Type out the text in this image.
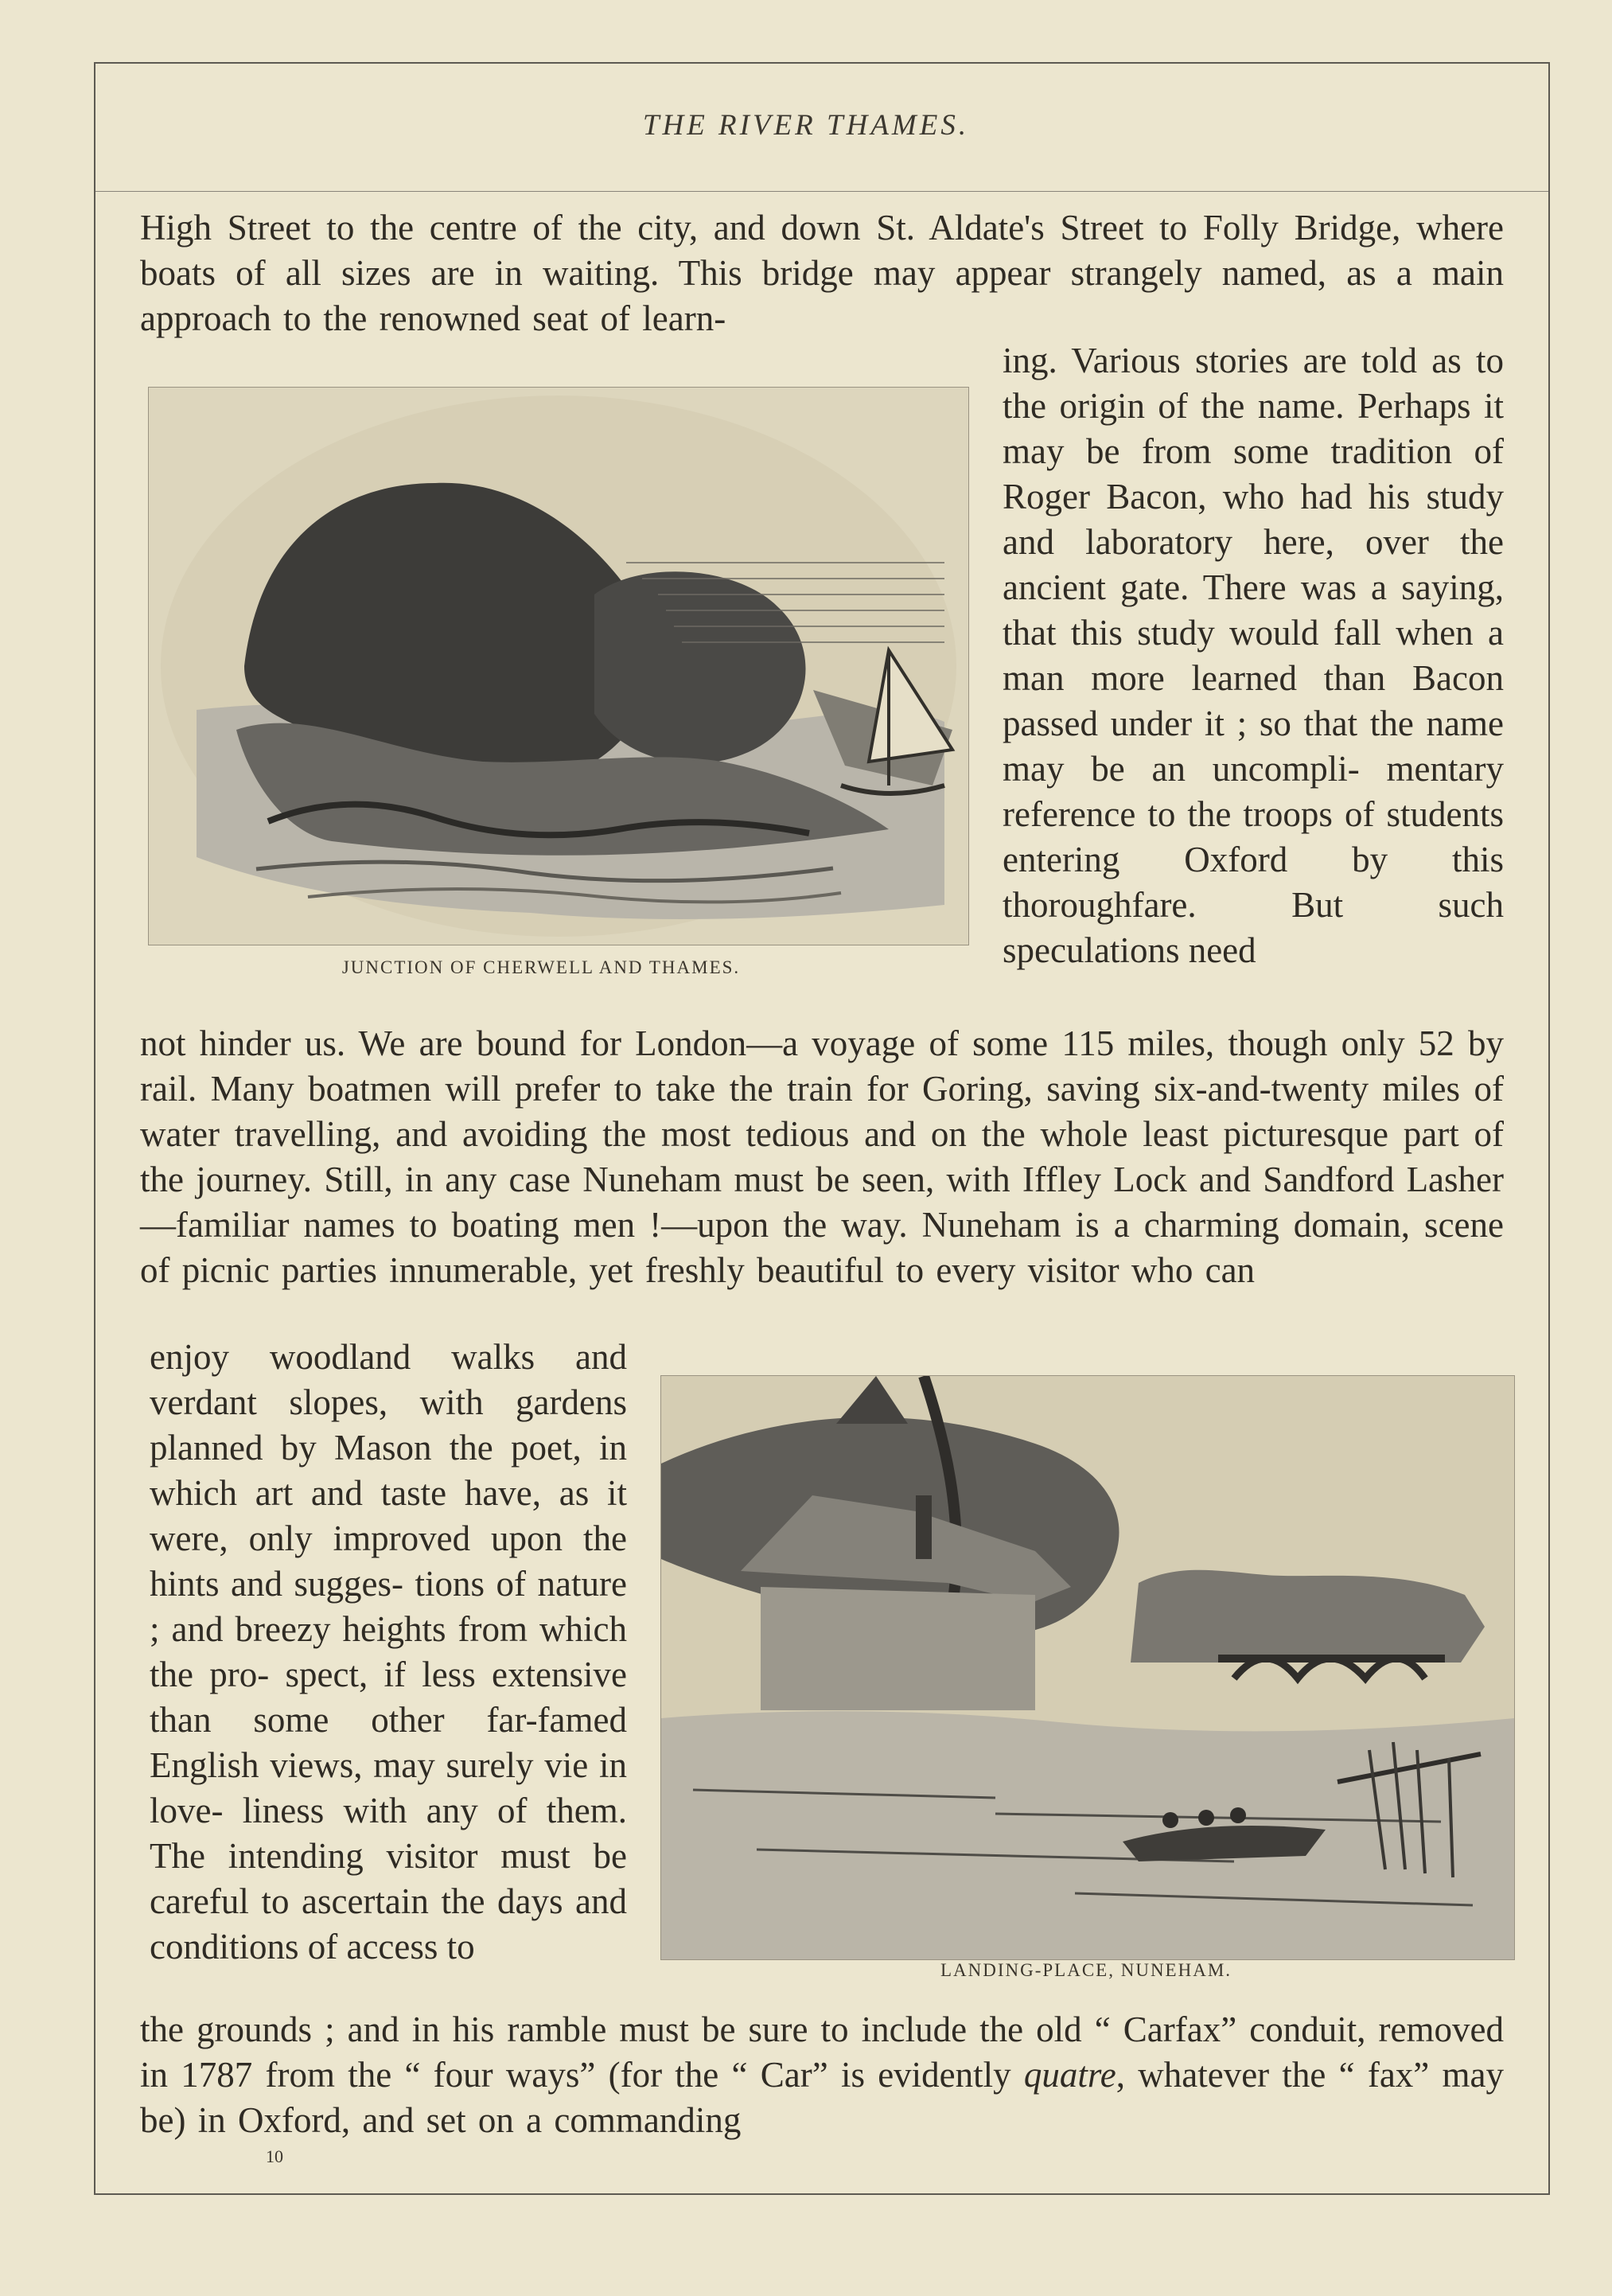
THE RIVER THAMES.
High Street to the centre of the city, and down St. Aldate's Street to Folly Bridge, where boats of all sizes are in waiting. This bridge may appear strangely named, as a main approach to the renowned seat of learn-
ing. Various stories are told as to the origin of the name. Perhaps it may be from some tradition of Roger Bacon, who had his study and laboratory here, over the ancient gate. There was a saying, that this study would fall when a man more learned than Bacon passed under it ; so that the name may be an uncompli- mentary reference to the troops of students entering Oxford by this thoroughfare. But such speculations need
JUNCTION OF CHERWELL AND THAMES.
not hinder us. We are bound for London—a voyage of some 115 miles, though only 52 by rail. Many boatmen will prefer to take the train for Goring, saving six-and-twenty miles of water travelling, and avoiding the most tedious and on the whole least picturesque part of the journey. Still, in any case Nuneham must be seen, with Iffley Lock and Sandford Lasher—familiar names to boating men !—upon the way. Nuneham is a charming domain, scene of picnic parties innumerable, yet freshly beautiful to every visitor who can
enjoy woodland walks and verdant slopes, with gardens planned by Mason the poet, in which art and taste have, as it were, only improved upon the hints and sugges- tions of nature ; and breezy heights from which the pro- spect, if less extensive than some other far-famed English views, may surely vie in love- liness with any of them. The intending visitor must be careful to ascertain the days and conditions of access to
LANDING-PLACE, NUNEHAM.
the grounds ; and in his ramble must be sure to include the old “ Carfax” conduit, removed in 1787 from the “ four ways” (for the “ Car” is evidently quatre, whatever the “ fax” may be) in Oxford, and set on a commanding
10
